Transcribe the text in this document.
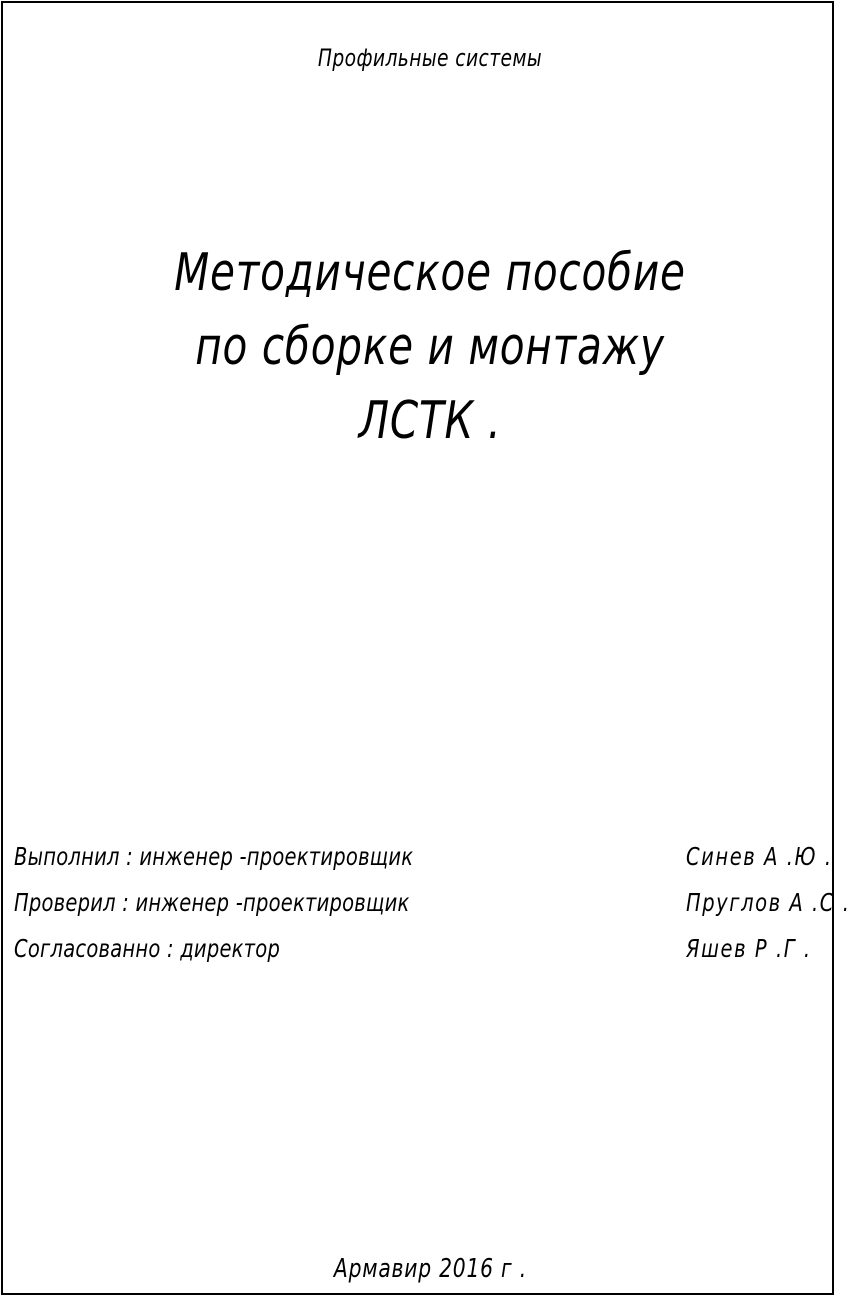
Профильные системы
Методическое пособие
по сборке и монтажу
ЛСТК .
Выполнил : инженер -проектировщик	Синев А .Ю .
Проверил : инженер -проектировщик	Пруглов А .С .
Согласованно : директор	Яшев Р .Г .
Армавир 2016 г .
